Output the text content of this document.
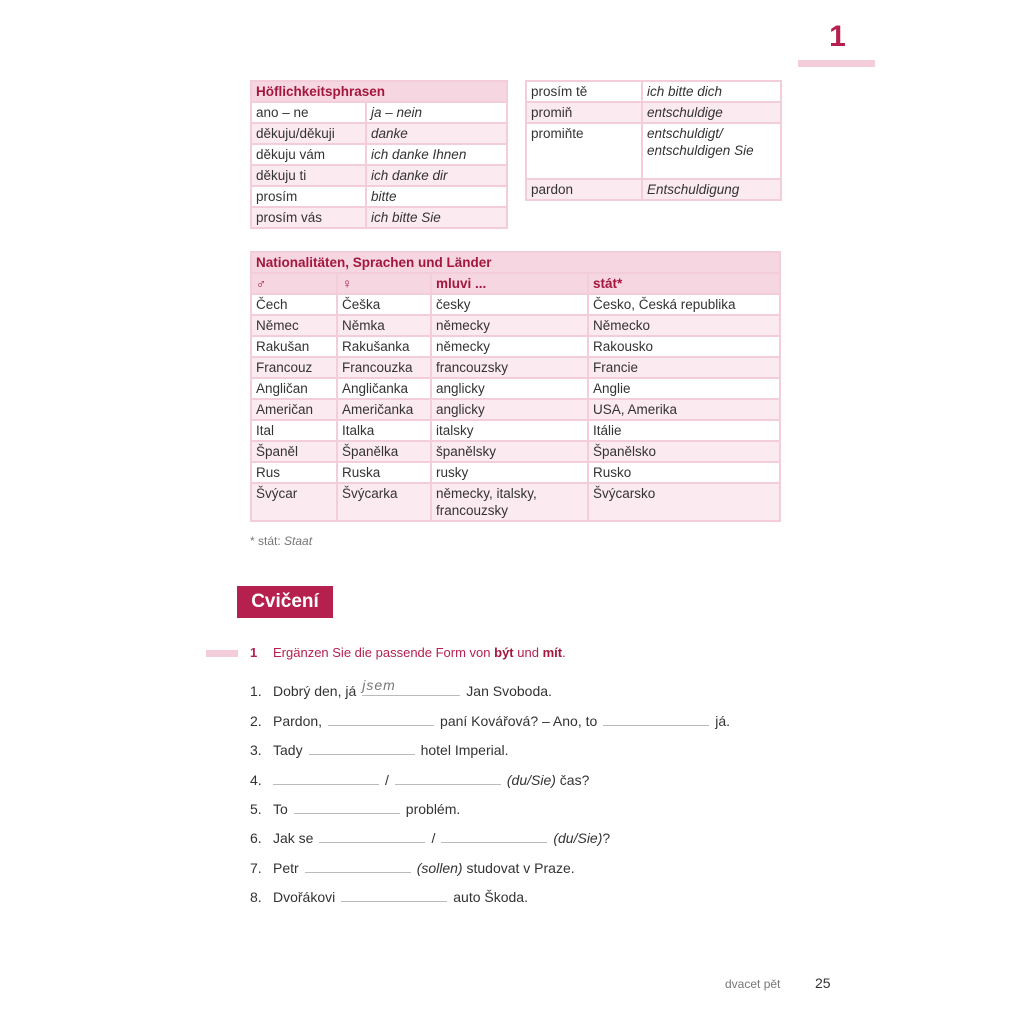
1
Höflichkeitsphrasen	
ano – ne	ja – nein
děkuju/děkuji	danke
děkuju vám	ich danke Ihnen
děkuju ti	ich danke dir
prosím	bitte
prosím vás	ich bitte Sie
prosím tě	ich bitte dich
promiň	entschuldige
promiňte	entschuldigt/ entschuldigen Sie
pardon	Entschuldigung
Nationalitäten, Sprachen und Länder			
♂	♀	mluvi ...	stát*
Čech	Češka	česky	Česko, Česká republika
Němec	Němka	německy	Německo
Rakušan	Rakušanka	německy	Rakousko
Francouz	Francouzka	francouzsky	Francie
Angličan	Angličanka	anglicky	Anglie
Američan	Američanka	anglicky	USA, Amerika
Ital	Italka	italsky	Itálie
Španěl	Španělka	španělsky	Španělsko
Rus	Ruska	rusky	Rusko
Švýcar	Švýcarka	německy, italsky, francouzsky	Švýcarsko
* stát: Staat
Cvičení
1 Ergänzen Sie die passende Form von být und mít.
1. Dobrý den, já jsem	Jan Svoboda.
2. Pardon,	paní Kovářová? – Ano, to	já.
3. Tady	hotel Imperial.
4.	/	(du/Sie) čas?
5. To	problém.
6. Jak se	/	(du/Sie)?
7. Petr	(sollen) studovat v Praze.
8. Dvořákovi	auto Škoda.
dvacet pět 25
